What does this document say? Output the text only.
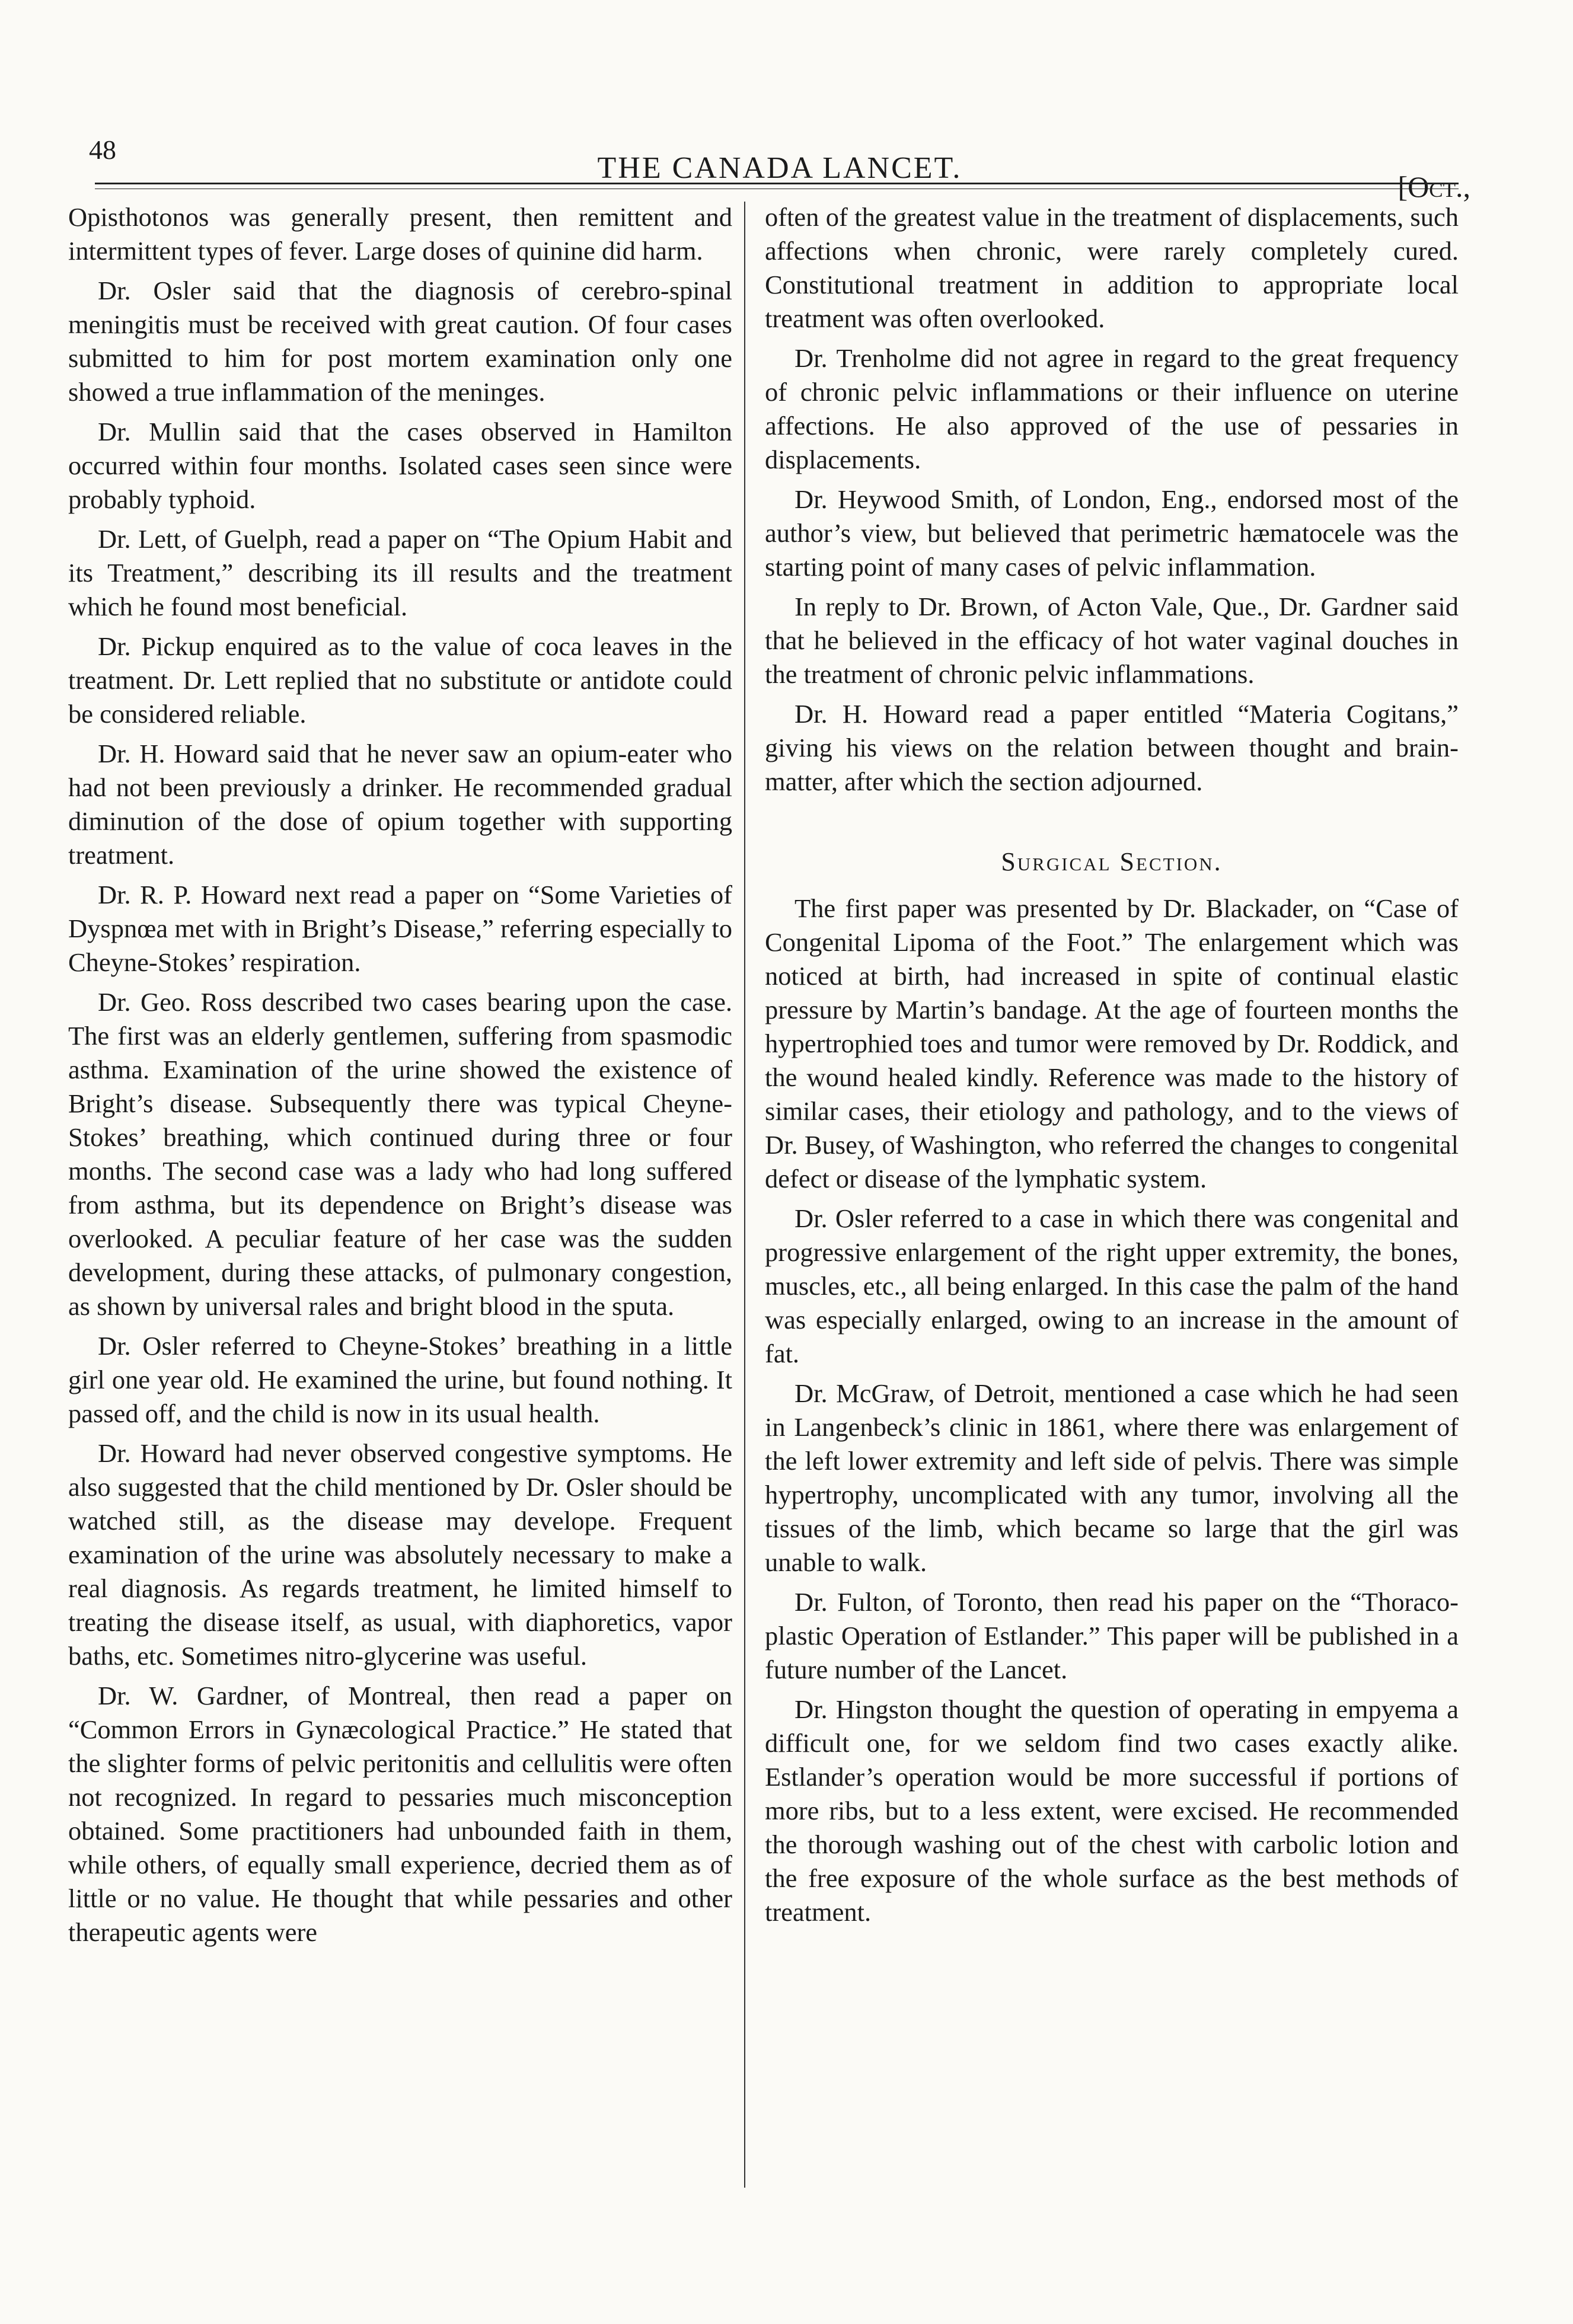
48
THE CANADA LANCET.
[Oct.,

Opisthotonos was generally present, then remittent and intermittent types of fever. Large doses of quinine did harm.

Dr. Osler said that the diagnosis of cerebro-spinal meningitis must be received with great caution. Of four cases submitted to him for post mortem examination only one showed a true inflammation of the meninges.

Dr. Mullin said that the cases observed in Hamilton occurred within four months. Isolated cases seen since were probably typhoid.

Dr. Lett, of Guelph, read a paper on “The Opium Habit and its Treatment,” describing its ill results and the treatment which he found most beneficial.

Dr. Pickup enquired as to the value of coca leaves in the treatment. Dr. Lett replied that no substitute or antidote could be considered reliable.

Dr. H. Howard said that he never saw an opium-eater who had not been previously a drinker. He recommended gradual diminution of the dose of opium together with supporting treatment.

Dr. R. P. Howard next read a paper on “Some Varieties of Dyspnœa met with in Bright’s Disease,” referring especially to Cheyne-Stokes’ respiration.

Dr. Geo. Ross described two cases bearing upon the case. The first was an elderly gentlemen, suffering from spasmodic asthma. Examination of the urine showed the existence of Bright’s disease. Subsequently there was typical Cheyne-Stokes’ breathing, which continued during three or four months. The second case was a lady who had long suffered from asthma, but its dependence on Bright’s disease was overlooked. A peculiar feature of her case was the sudden development, during these attacks, of pulmonary congestion, as shown by universal rales and bright blood in the sputa.

Dr. Osler referred to Cheyne-Stokes’ breathing in a little girl one year old. He examined the urine, but found nothing. It passed off, and the child is now in its usual health.

Dr. Howard had never observed congestive symptoms. He also suggested that the child mentioned by Dr. Osler should be watched still, as the disease may develope. Frequent examination of the urine was absolutely necessary to make a real diagnosis. As regards treatment, he limited himself to treating the disease itself, as usual, with diaphoretics, vapor baths, etc. Sometimes nitro-glycerine was useful.

Dr. W. Gardner, of Montreal, then read a paper on “Common Errors in Gynæcological Practice.” He stated that the slighter forms of pelvic peritonitis and cellulitis were often not recognized. In regard to pessaries much misconception obtained. Some practitioners had unbounded faith in them, while others, of equally small experience, decried them as of little or no value. He thought that while pessaries and other therapeutic agents were

often of the greatest value in the treatment of displacements, such affections when chronic, were rarely completely cured. Constitutional treatment in addition to appropriate local treatment was often overlooked.

Dr. Trenholme did not agree in regard to the great frequency of chronic pelvic inflammations or their influence on uterine affections. He also approved of the use of pessaries in displacements.

Dr. Heywood Smith, of London, Eng., endorsed most of the author’s view, but believed that perimetric hæmatocele was the starting point of many cases of pelvic inflammation.

In reply to Dr. Brown, of Acton Vale, Que., Dr. Gardner said that he believed in the efficacy of hot water vaginal douches in the treatment of chronic pelvic inflammations.

Dr. H. Howard read a paper entitled “Materia Cogitans,” giving his views on the relation between thought and brain-matter, after which the section adjourned.

Surgical Section.

The first paper was presented by Dr. Blackader, on “Case of Congenital Lipoma of the Foot.” The enlargement which was noticed at birth, had increased in spite of continual elastic pressure by Martin’s bandage. At the age of fourteen months the hypertrophied toes and tumor were removed by Dr. Roddick, and the wound healed kindly. Reference was made to the history of similar cases, their etiology and pathology, and to the views of Dr. Busey, of Washington, who referred the changes to congenital defect or disease of the lymphatic system.

Dr. Osler referred to a case in which there was congenital and progressive enlargement of the right upper extremity, the bones, muscles, etc., all being enlarged. In this case the palm of the hand was especially enlarged, owing to an increase in the amount of fat.

Dr. McGraw, of Detroit, mentioned a case which he had seen in Langenbeck’s clinic in 1861, where there was enlargement of the left lower extremity and left side of pelvis. There was simple hypertrophy, uncomplicated with any tumor, involving all the tissues of the limb, which became so large that the girl was unable to walk.

Dr. Fulton, of Toronto, then read his paper on the “Thoraco-plastic Operation of Estlander.” This paper will be published in a future number of the Lancet.

Dr. Hingston thought the question of operating in empyema a difficult one, for we seldom find two cases exactly alike. Estlander’s operation would be more successful if portions of more ribs, but to a less extent, were excised. He recommended the thorough washing out of the chest with carbolic lotion and the free exposure of the whole surface as the best methods of treatment.
